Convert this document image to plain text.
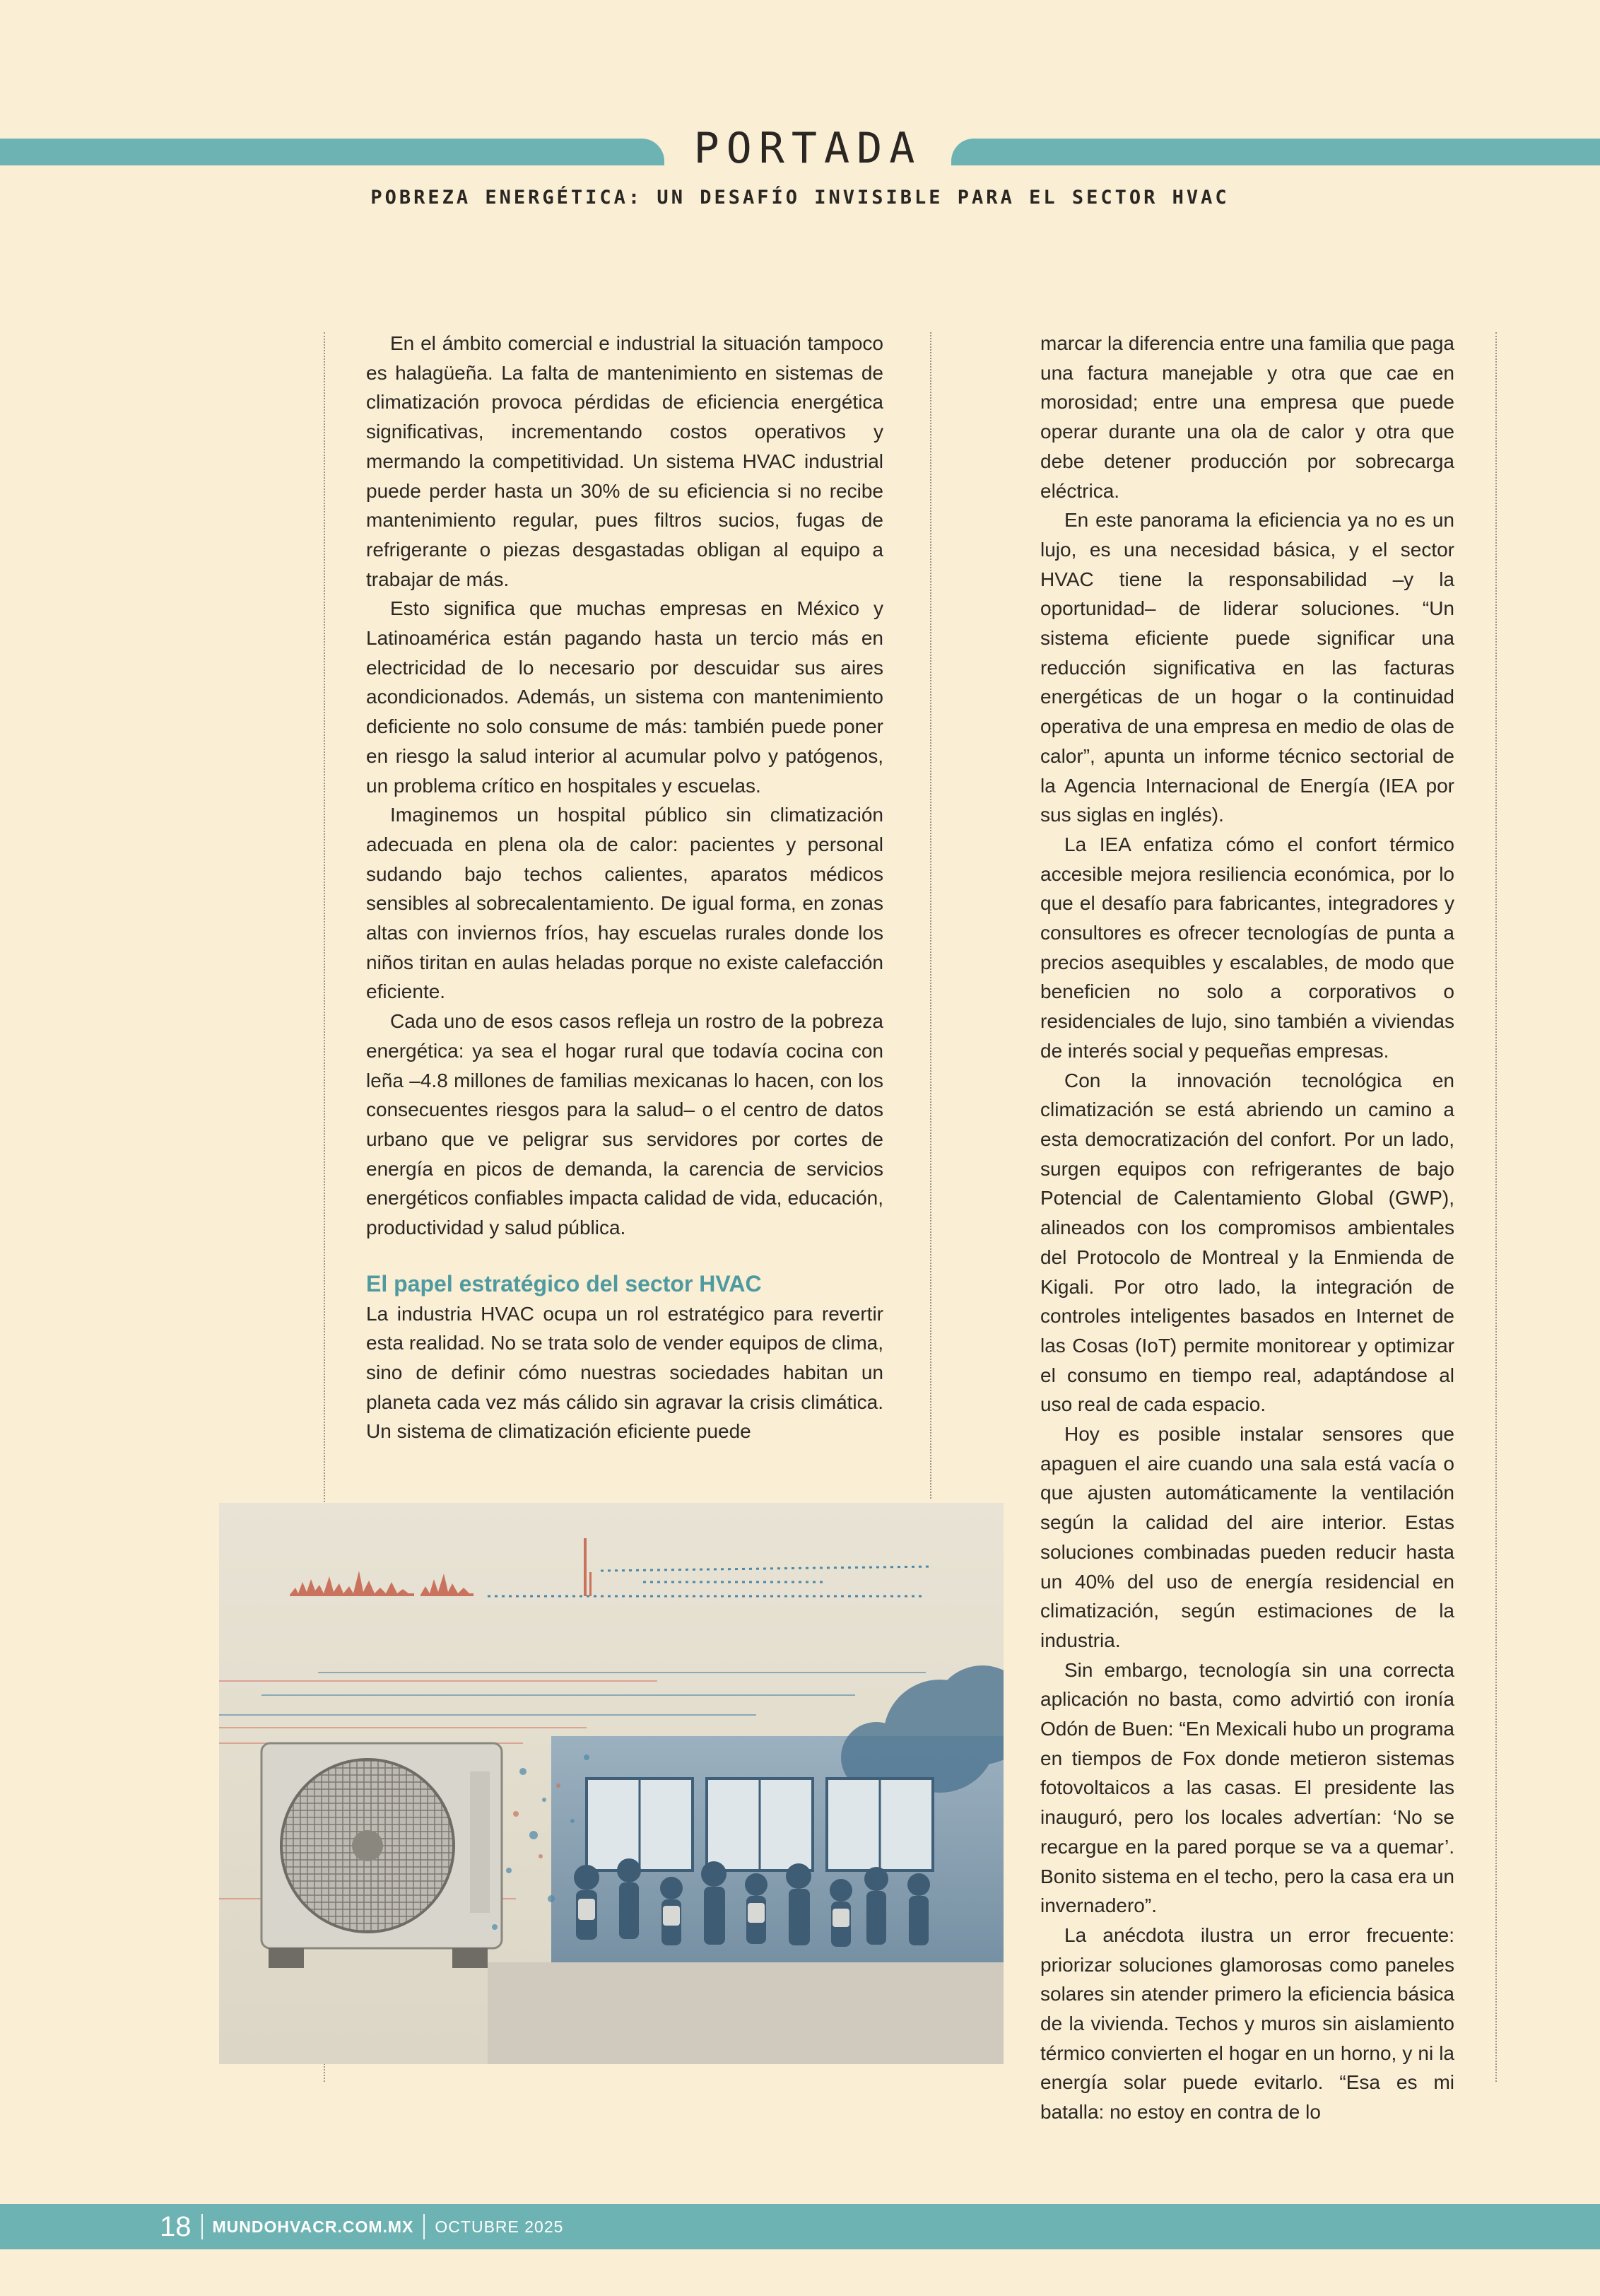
PORTADA
POBREZA ENERGÉTICA: UN DESAFÍO INVISIBLE PARA EL SECTOR HVAC

En el ámbito comercial e industrial la situación tampoco es halagüeña. La falta de mantenimiento en sistemas de climatización provoca pérdidas de eficiencia energética significativas, incrementando costos operativos y mermando la competitividad. Un sistema HVAC industrial puede perder hasta un 30% de su eficiencia si no recibe mantenimiento regular, pues filtros sucios, fugas de refrigerante o piezas desgastadas obligan al equipo a trabajar de más.

Esto significa que muchas empresas en México y Latinoamérica están pagando hasta un tercio más en electricidad de lo necesario por descuidar sus aires acondicionados. Además, un sistema con mantenimiento deficiente no solo consume de más: también puede poner en riesgo la salud interior al acumular polvo y patógenos, un problema crítico en hospitales y escuelas.

Imaginemos un hospital público sin climatización adecuada en plena ola de calor: pacientes y personal sudando bajo techos calientes, aparatos médicos sensibles al sobrecalentamiento. De igual forma, en zonas altas con inviernos fríos, hay escuelas rurales donde los niños tiritan en aulas heladas porque no existe calefacción eficiente.

Cada uno de esos casos refleja un rostro de la pobreza energética: ya sea el hogar rural que todavía cocina con leña –4.8 millones de familias mexicanas lo hacen, con los consecuentes riesgos para la salud– o el centro de datos urbano que ve peligrar sus servidores por cortes de energía en picos de demanda, la carencia de servicios energéticos confiables impacta calidad de vida, educación, productividad y salud pública.

El papel estratégico del sector HVAC

La industria HVAC ocupa un rol estratégico para revertir esta realidad. No se trata solo de vender equipos de clima, sino de definir cómo nuestras sociedades habitan un planeta cada vez más cálido sin agravar la crisis climática. Un sistema de climatización eficiente puede

marcar la diferencia entre una familia que paga una factura manejable y otra que cae en morosidad; entre una empresa que puede operar durante una ola de calor y otra que debe detener producción por sobrecarga eléctrica.

En este panorama la eficiencia ya no es un lujo, es una necesidad básica, y el sector HVAC tiene la responsabilidad –y la oportunidad– de liderar soluciones. “Un sistema eficiente puede significar una reducción significativa en las facturas energéticas de un hogar o la continuidad operativa de una empresa en medio de olas de calor”, apunta un informe técnico sectorial de la Agencia Internacional de Energía (IEA por sus siglas en inglés).

La IEA enfatiza cómo el confort térmico accesible mejora resiliencia económica, por lo que el desafío para fabricantes, integradores y consultores es ofrecer tecnologías de punta a precios asequibles y escalables, de modo que beneficien no solo a corporativos o residenciales de lujo, sino también a viviendas de interés social y pequeñas empresas.

Con la innovación tecnológica en climatización se está abriendo un camino a esta democratización del confort. Por un lado, surgen equipos con refrigerantes de bajo Potencial de Calentamiento Global (GWP), alineados con los compromisos ambientales del Protocolo de Montreal y la Enmienda de Kigali. Por otro lado, la integración de controles inteligentes basados en Internet de las Cosas (IoT) permite monitorear y optimizar el consumo en tiempo real, adaptándose al uso real de cada espacio.

Hoy es posible instalar sensores que apaguen el aire cuando una sala está vacía o que ajusten automáticamente la ventilación según la calidad del aire interior. Estas soluciones combinadas pueden reducir hasta un 40% del uso de energía residencial en climatización, según estimaciones de la industria.

Sin embargo, tecnología sin una correcta aplicación no basta, como advirtió con ironía Odón de Buen: “En Mexicali hubo un programa en tiempos de Fox donde metieron sistemas fotovoltaicos a las casas. El presidente las inauguró, pero los locales advertían: ‘No se recargue en la pared porque se va a quemar’. Bonito sistema en el techo, pero la casa era un invernadero”.

La anécdota ilustra un error frecuente: priorizar soluciones glamorosas como paneles solares sin atender primero la eficiencia básica de la vivienda. Techos y muros sin aislamiento térmico convierten el hogar en un horno, y ni la energía solar puede evitarlo. “Esa es mi batalla: no estoy en contra de lo

18 MUNDOHVACR.COM.MX OCTUBRE 2025
